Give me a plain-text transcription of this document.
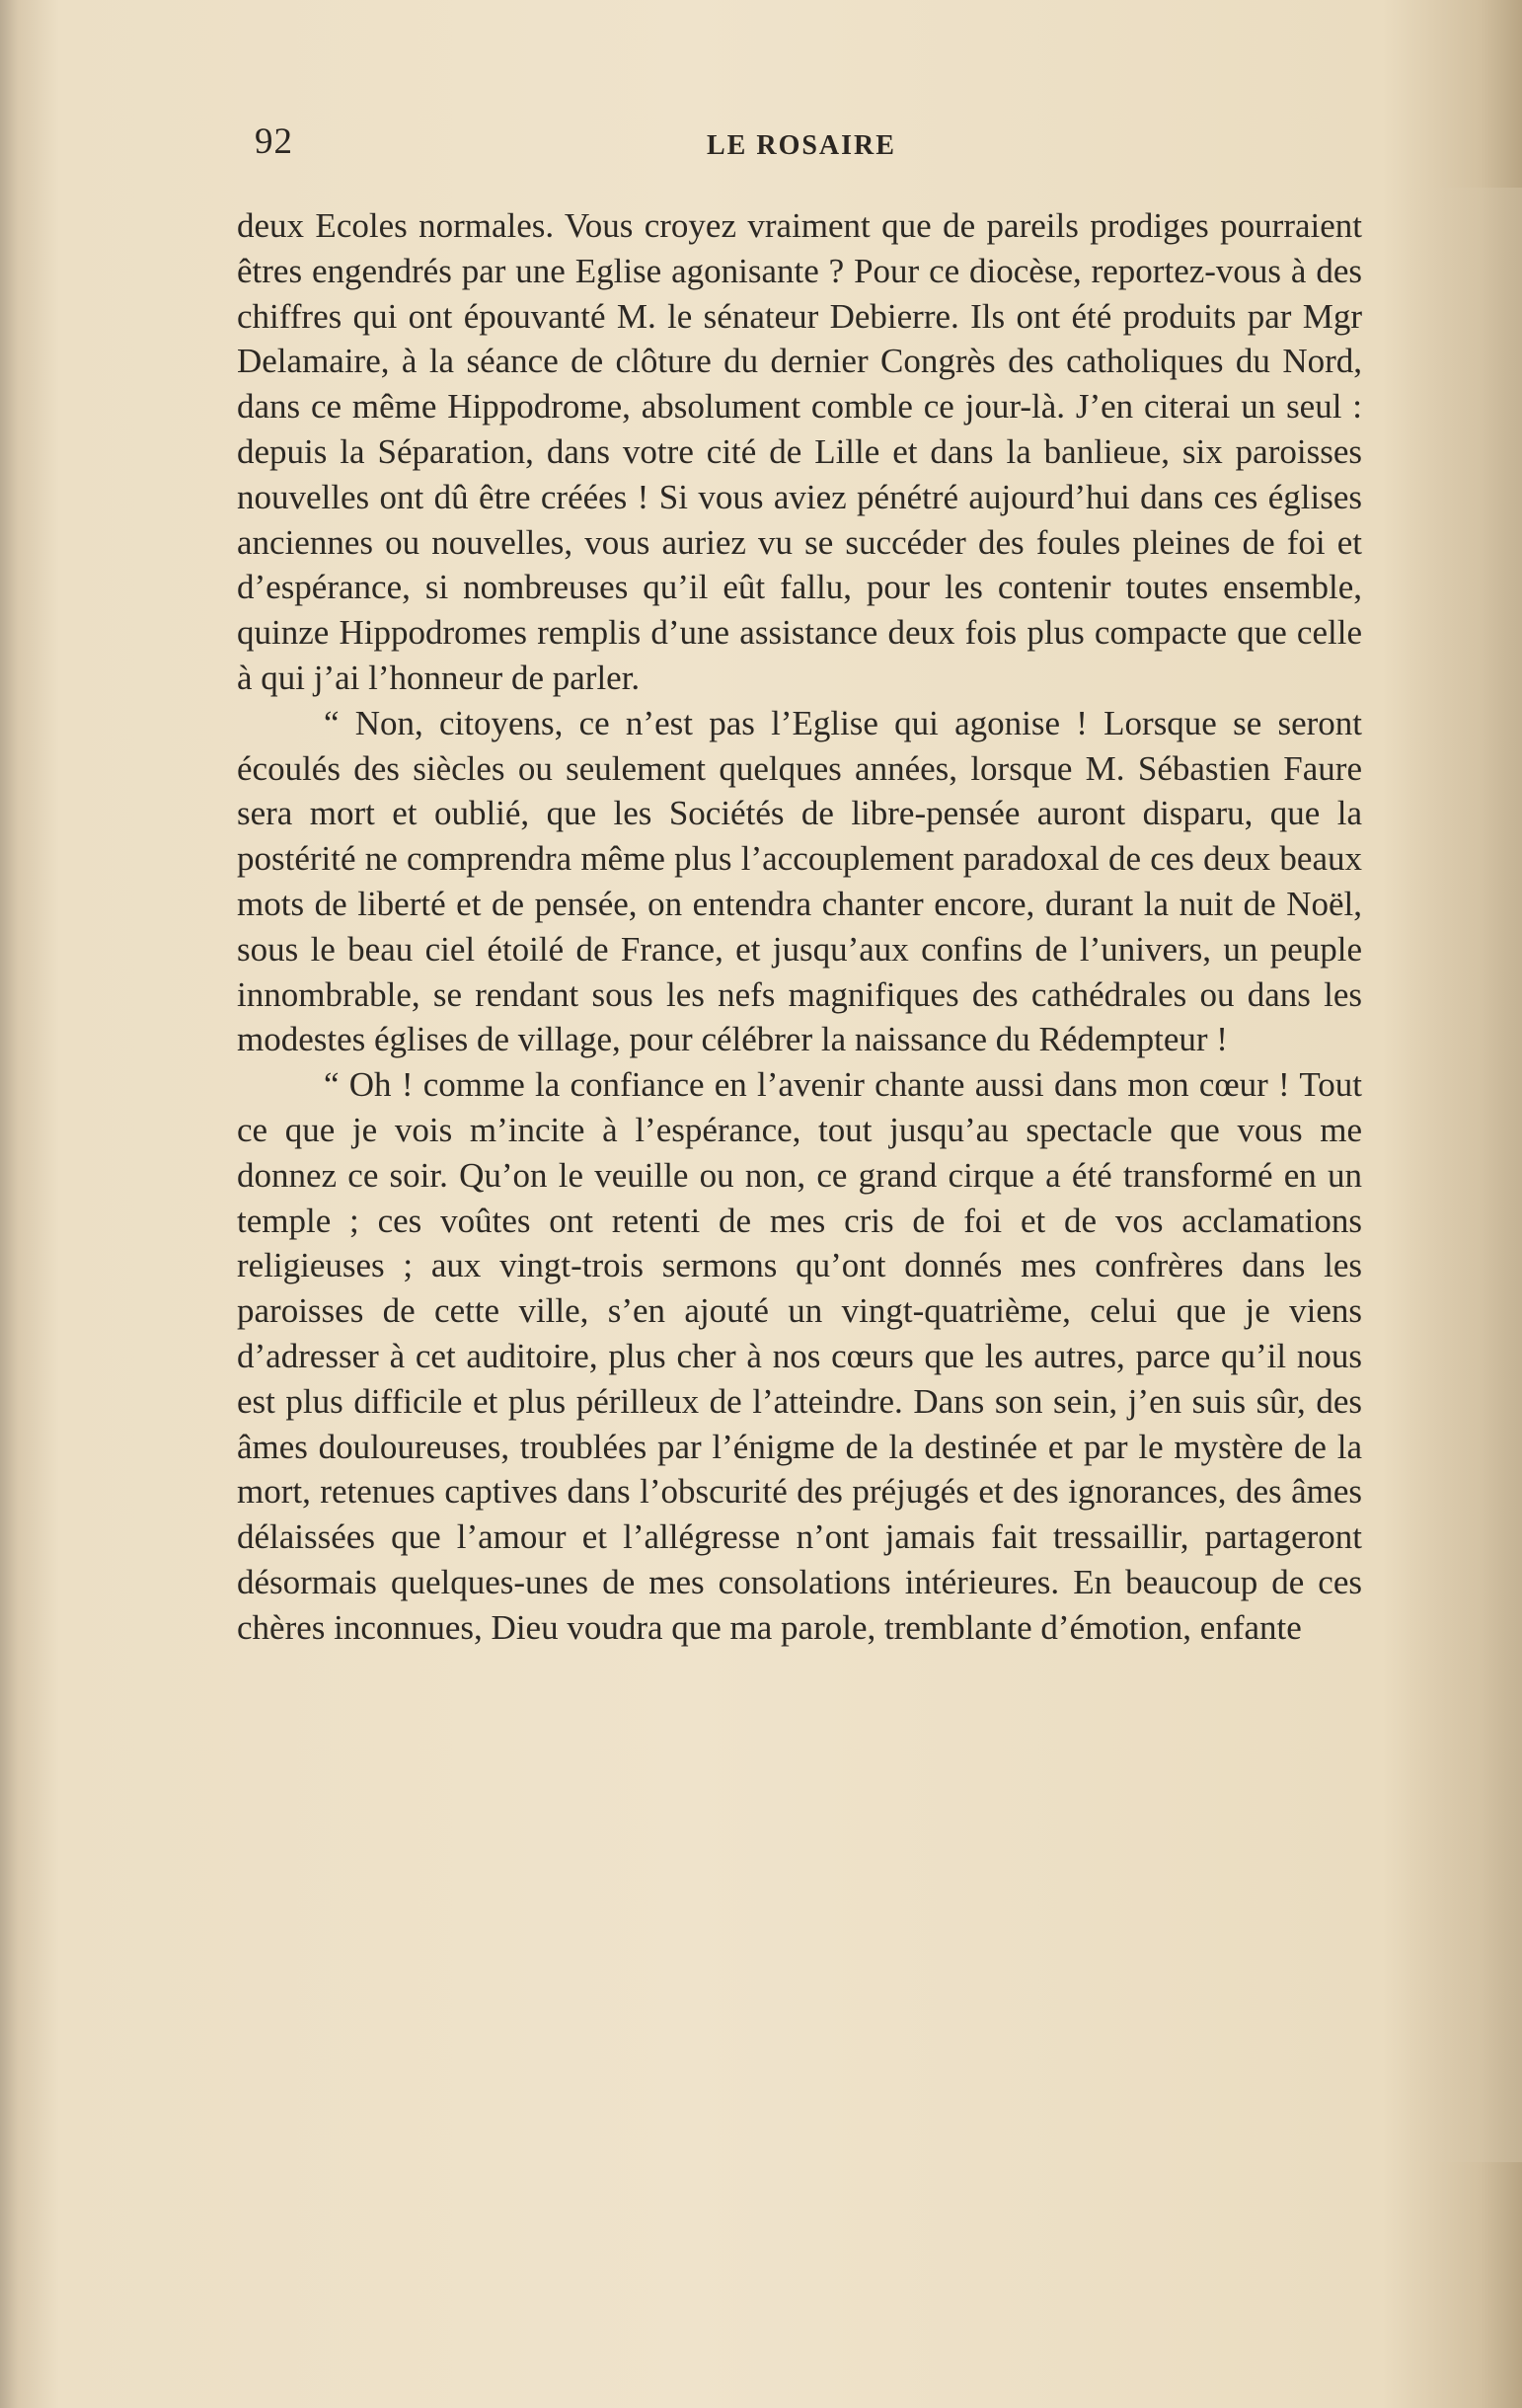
92	LE ROSAIRE

deux Ecoles normales. Vous croyez vraiment que de pareils prodiges pourraient êtres engendrés par une Eglise agonisante ? Pour ce diocèse, reportez-vous à des chiffres qui ont épouvanté M. le sénateur Debierre. Ils ont été produits par Mgr Delamaire, à la séance de clôture du dernier Congrès des catholiques du Nord, dans ce même Hippodrome, absolument comble ce jour-là. J’en citerai un seul : depuis la Séparation, dans votre cité de Lille et dans la banlieue, six paroisses nouvelles ont dû être créées ! Si vous aviez pénétré aujourd’hui dans ces églises anciennes ou nouvelles, vous auriez vu se succéder des foules pleines de foi et d’espérance, si nombreuses qu’il eût fallu, pour les contenir toutes ensemble, quinze Hippodromes remplis d’une assistance deux fois plus compacte que celle à qui j’ai l’honneur de parler.

“ Non, citoyens, ce n’est pas l’Eglise qui agonise ! Lorsque se seront écoulés des siècles ou seulement quelques années, lorsque M. Sébastien Faure sera mort et oublié, que les Sociétés de libre-pensée auront disparu, que la postérité ne comprendra même plus l’accouplement paradoxal de ces deux beaux mots de liberté et de pensée, on entendra chanter encore, durant la nuit de Noël, sous le beau ciel étoilé de France, et jusqu’aux confins de l’univers, un peuple innombrable, se rendant sous les nefs magnifiques des cathédrales ou dans les modestes églises de village, pour célébrer la naissance du Rédempteur !

“ Oh ! comme la confiance en l’avenir chante aussi dans mon cœur ! Tout ce que je vois m’incite à l’espérance, tout jusqu’au spectacle que vous me donnez ce soir. Qu’on le veuille ou non, ce grand cirque a été transformé en un temple ; ces voûtes ont retenti de mes cris de foi et de vos acclamations religieuses ; aux vingt-trois sermons qu’ont donnés mes confrères dans les paroisses de cette ville, s’en ajouté un vingt-quatrième, celui que je viens d’adresser à cet auditoire, plus cher à nos cœurs que les autres, parce qu’il nous est plus difficile et plus périlleux de l’atteindre. Dans son sein, j’en suis sûr, des âmes douloureuses, troublées par l’énigme de la destinée et par le mystère de la mort, retenues captives dans l’obscurité des préjugés et des ignorances, des âmes délaissées que l’amour et l’allégresse n’ont jamais fait tressaillir, partageront désormais quelques-unes de mes consolations intérieures. En beaucoup de ces chères inconnues, Dieu voudra que ma parole, tremblante d’émotion, enfante
